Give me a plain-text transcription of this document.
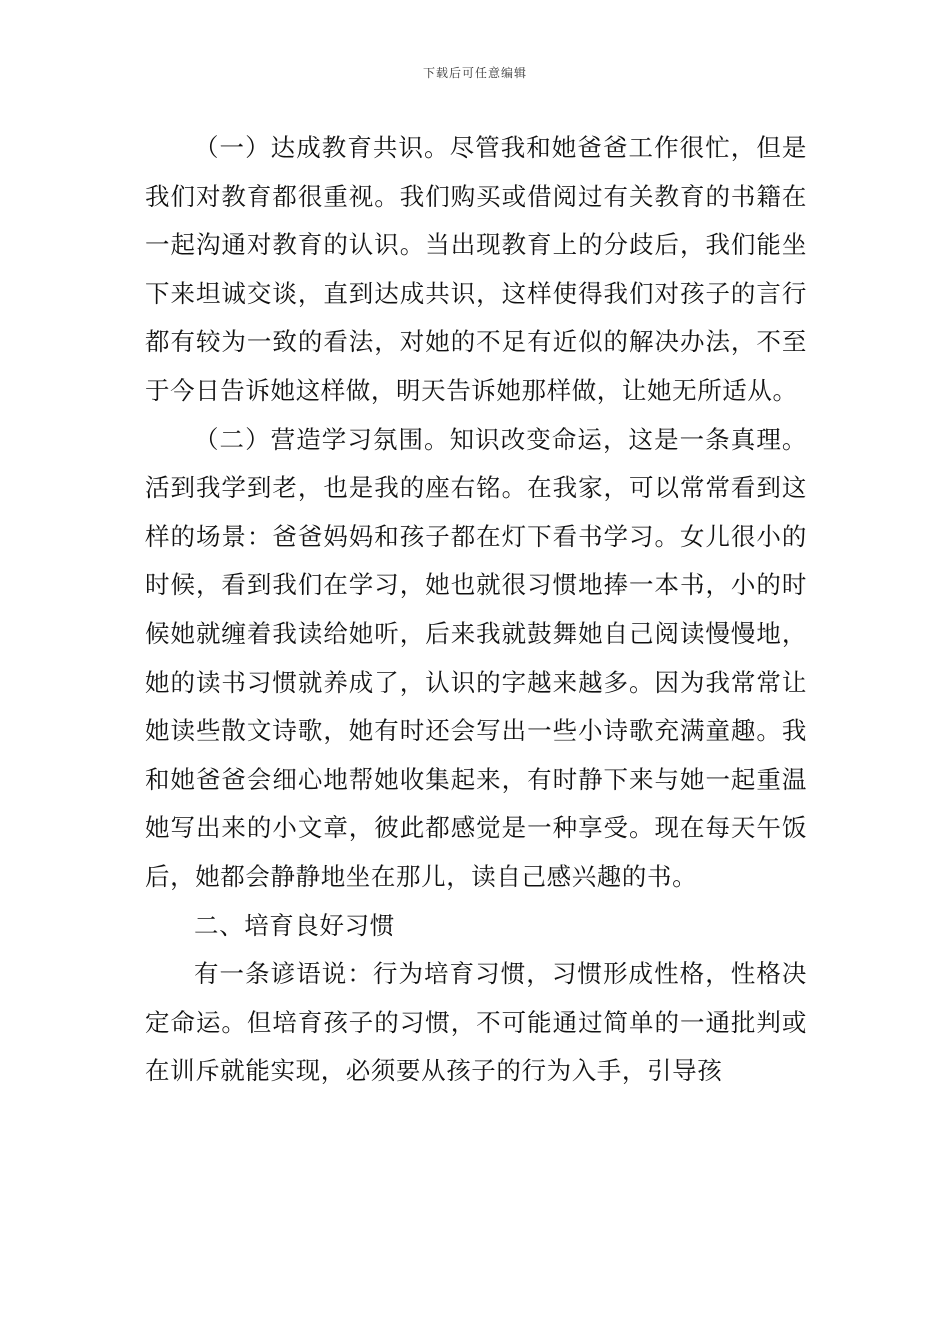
下载后可任意编辑

（一）达成教育共识。尽管我和她爸爸工作很忙，但是我们对教育都很重视。我们购买或借阅过有关教育的书籍在一起沟通对教育的认识。当出现教育上的分歧后，我们能坐下来坦诚交谈，直到达成共识，这样使得我们对孩子的言行都有较为一致的看法，对她的不足有近似的解决办法，不至于今日告诉她这样做，明天告诉她那样做，让她无所适从。

（二）营造学习氛围。知识改变命运，这是一条真理。活到我学到老，也是我的座右铭。在我家，可以常常看到这样的场景：爸爸妈妈和孩子都在灯下看书学习。女儿很小的时候，看到我们在学习，她也就很习惯地捧一本书，小的时候她就缠着我读给她听，后来我就鼓舞她自己阅读慢慢地，她的读书习惯就养成了，认识的字越来越多。因为我常常让她读些散文诗歌，她有时还会写出一些小诗歌充满童趣。我和她爸爸会细心地帮她收集起来，有时静下来与她一起重温她写出来的小文章，彼此都感觉是一种享受。现在每天午饭后，她都会静静地坐在那儿，读自己感兴趣的书。

二、培育良好习惯

有一条谚语说：行为培育习惯，习惯形成性格，性格决定命运。但培育孩子的习惯，不可能通过简单的一通批判或在训斥就能实现，必须要从孩子的行为入手，引导孩
